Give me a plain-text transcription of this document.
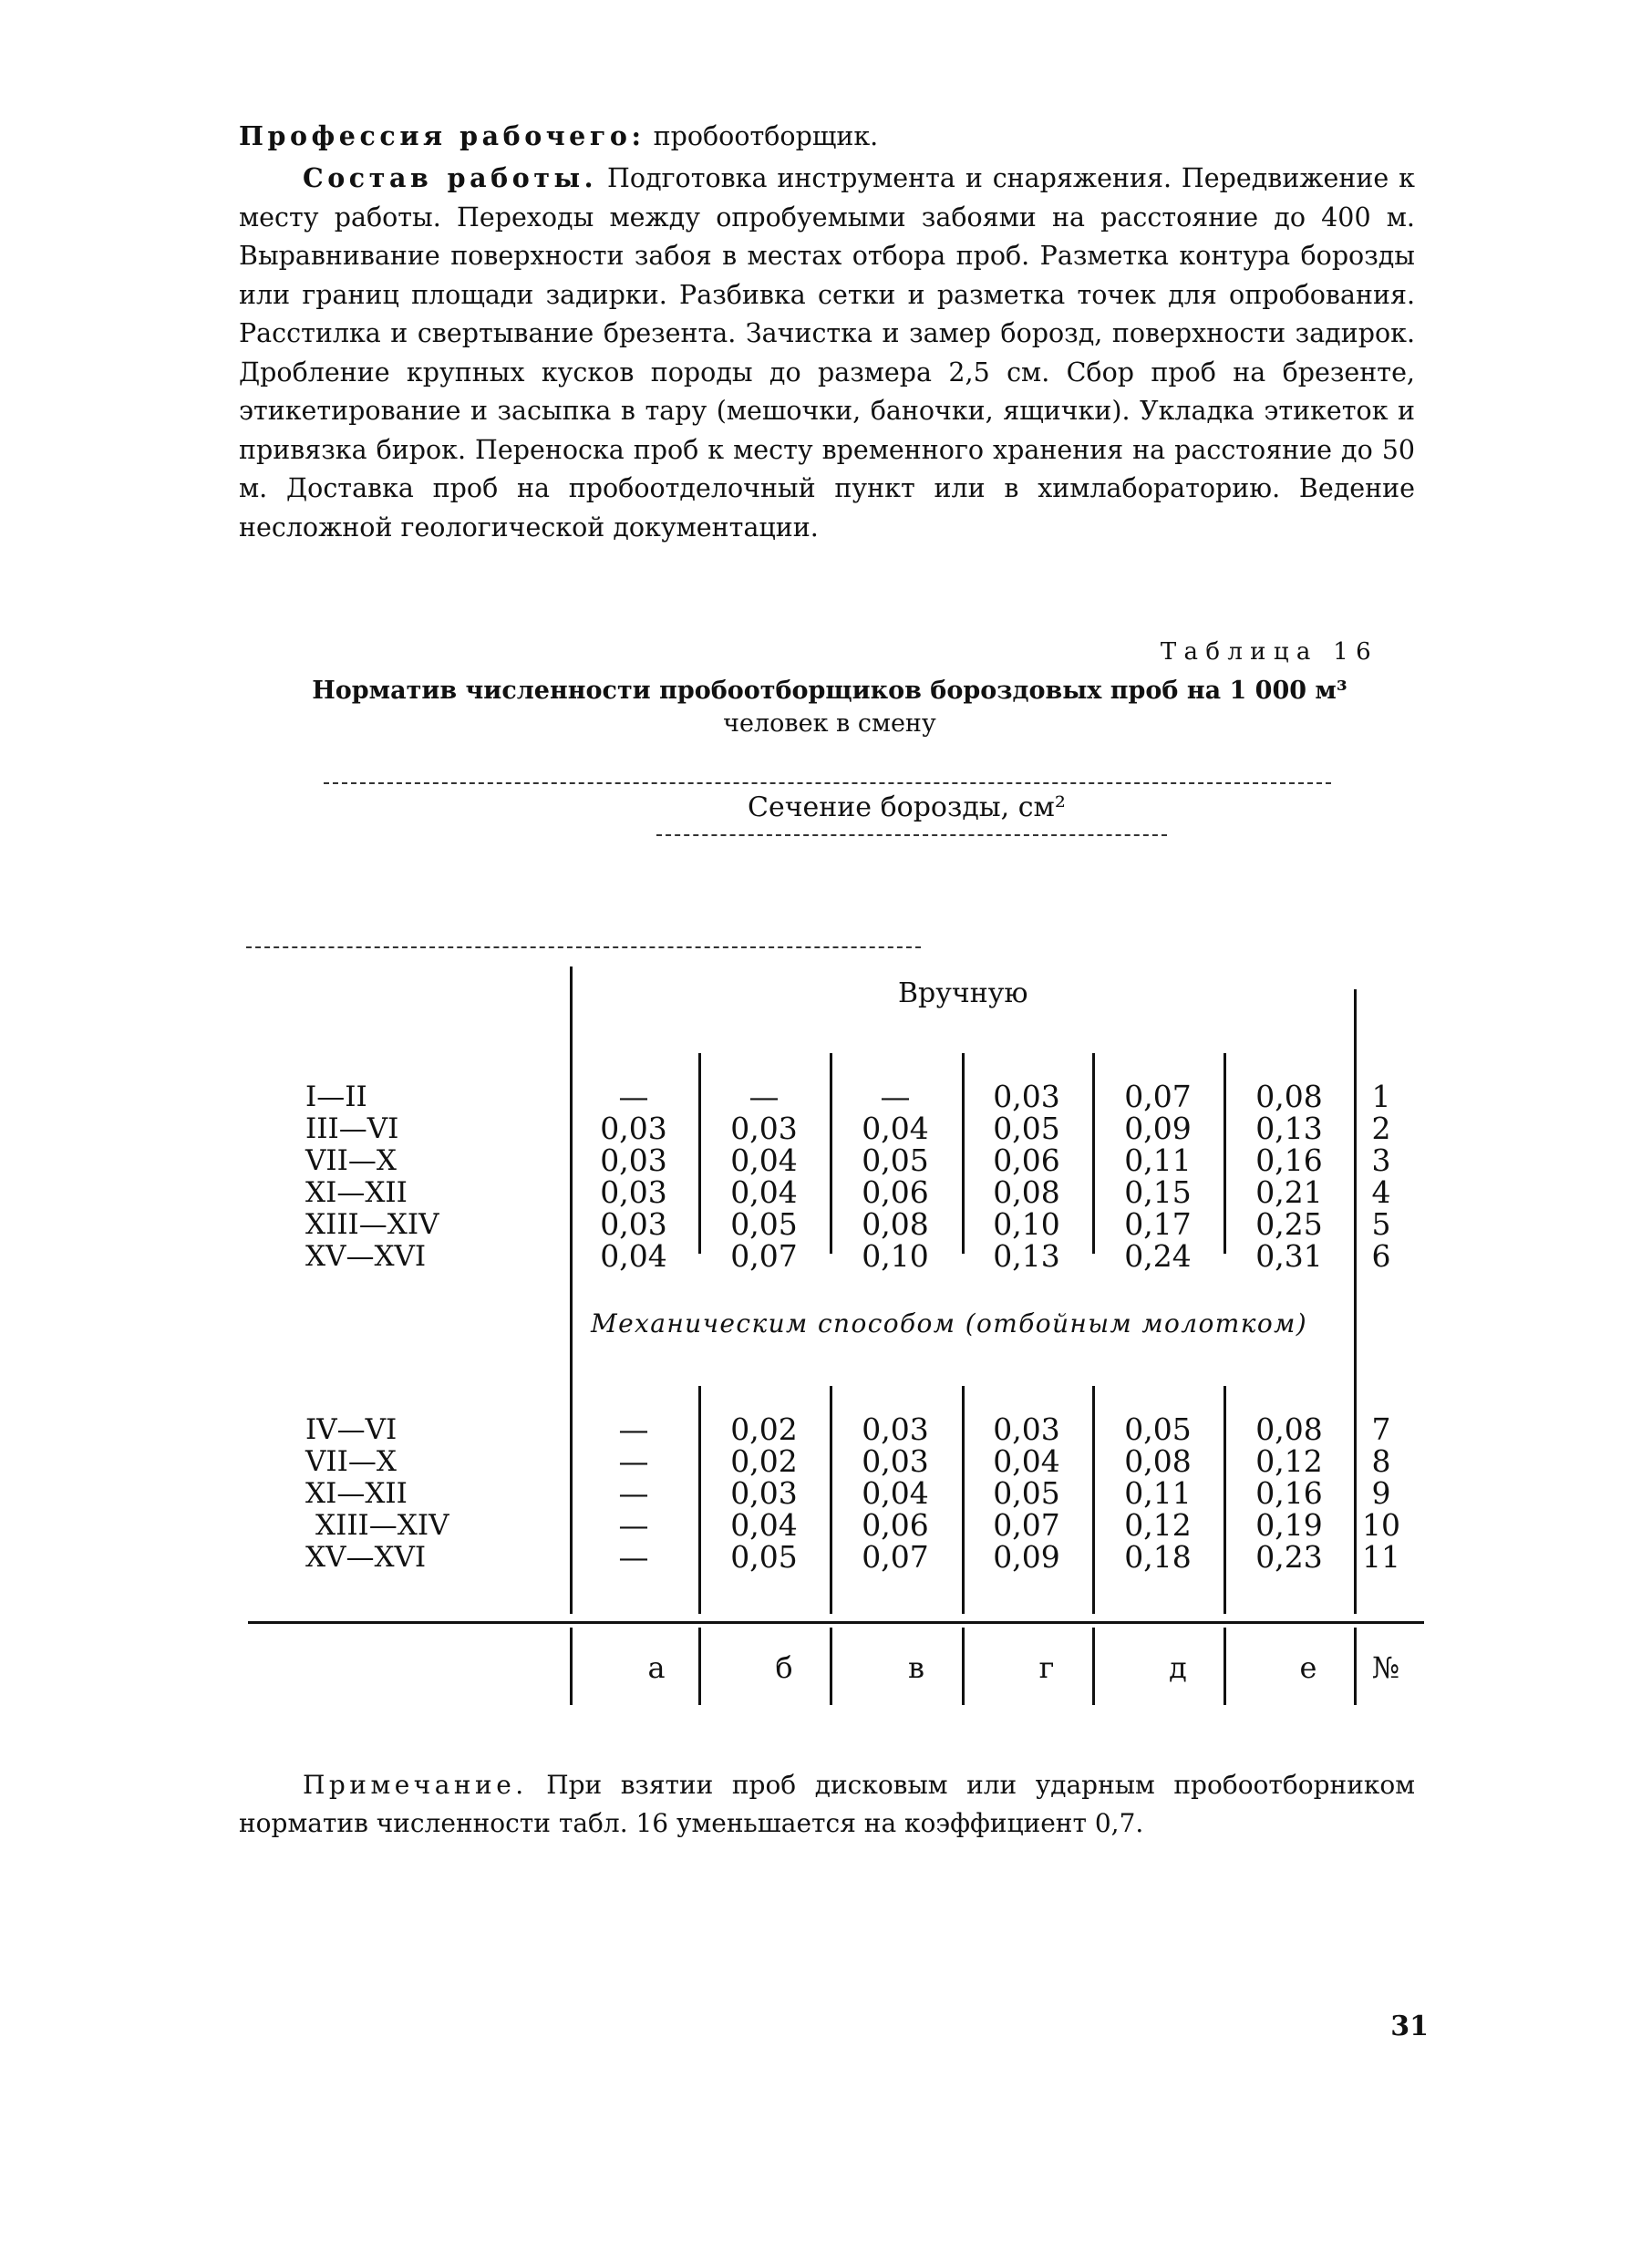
Профессия рабочего: пробоотборщик.
Состав работы. Подготовка инструмента и снаряжения. Передвижение к месту работы. Переходы между опробуемыми забоями на расстояние до 400 м. Выравнивание поверхности забоя в местах отбора проб. Разметка контура борозды или границ площади задирки. Разбивка сетки и разметка точек для опробования. Расстилка и свертывание брезента. Зачистка и замер борозд, поверхности задирок. Дробление крупных кусков породы до размера 2,5 см. Сбор проб на брезенте, этикетирование и засыпка в тару (мешочки, баночки, ящички). Укладка этикеток и привязка бирок. Переноска проб к месту временного хранения на расстояние до 50 м. Доставка проб на пробоотделочный пункт или в химлабораторию. Ведение несложной геологической документации.
Таблица 16
Норматив численности пробоотборщиков бороздовых проб на 1 000 м³
человек в смену
Сечение борозды, см²
Вручную
Механическим способом (отбойным молотком)
I—II	—	—	—	0,03	0,07	0,08	1
III—VI	0,03	0,03	0,04	0,05	0,09	0,13	2
VII—X	0,03	0,04	0,05	0,06	0,11	0,16	3
XI—XII	0,03	0,04	0,06	0,08	0,15	0,21	4
XIII—XIV	0,03	0,05	0,08	0,10	0,17	0,25	5
XV—XVI	0,04	0,07	0,10	0,13	0,24	0,31	6
IV—VI	—	0,02	0,03	0,03	0,05	0,08	7
VII—X	—	0,02	0,03	0,04	0,08	0,12	8
XI—XII	—	0,03	0,04	0,05	0,11	0,16	9
XIII—XIV	—	0,04	0,06	0,07	0,12	0,19	10
XV—XVI	—	0,05	0,07	0,09	0,18	0,23	11
а	б	в	г	д	е	№
Примечание. При взятии проб дисковым или ударным пробоотборником норматив численности табл. 16 уменьшается на коэффициент 0,7.
31
